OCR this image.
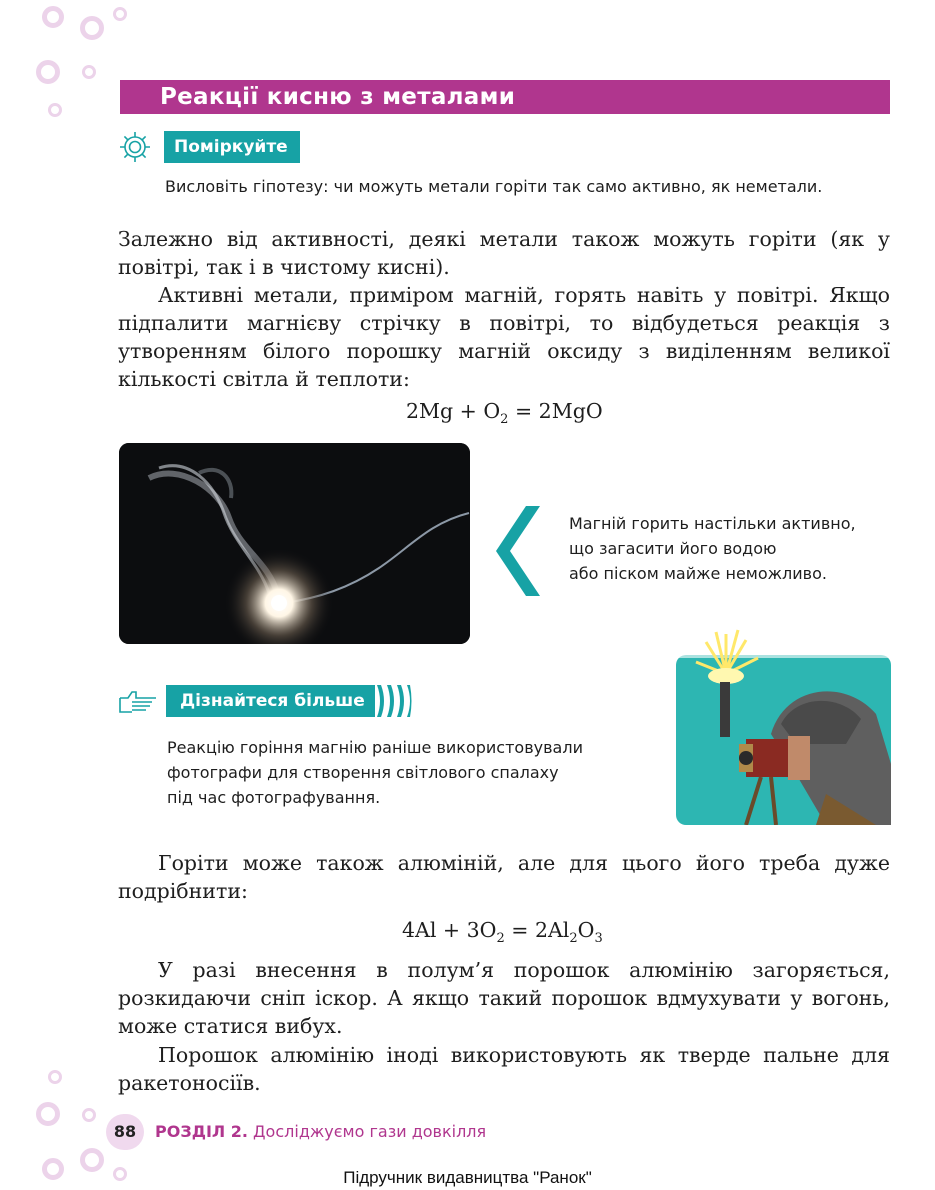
Реакції кисню з металами
Поміркуйте
Висловіть гіпотезу: чи можуть метали горіти так само активно, як неметали.

Залежно від активності, деякі метали також можуть горіти (як у повітрі, так і в чистому кисні).

Активні метали, приміром магній, горять навіть у повітрі. Якщо підпалити магнієву стрічку в повітрі, то відбудеться реакція з утворенням білого порошку магній оксиду з виділенням великої кількості світла й теплоти:

$2Mg + O_2 = 2MgO$
Магній горить настільки активно,
що загасити його водою
або піском майже неможливо.
Дізнайтеся більше
Реакцію горіння магнію раніше використовували
фотографи для створення світлового спалаху
під час фотографування.

Горіти може також алюміній, але для цього його треба дуже подрібнити:

$4Al + 3O_2 = 2Al_2O_3$

У разі внесення в полум’я порошок алюмінію загоряється, розкидаючи сніп іскор. А якщо такий порошок вдмухувати у вогонь, може статися вибух.

Порошок алюмінію іноді використовують як тверде пальне для ракетоносіїв.

88	РОЗДІЛ 2. Досліджуємо гази довкілля
Підручник видавництва "Ранок"
